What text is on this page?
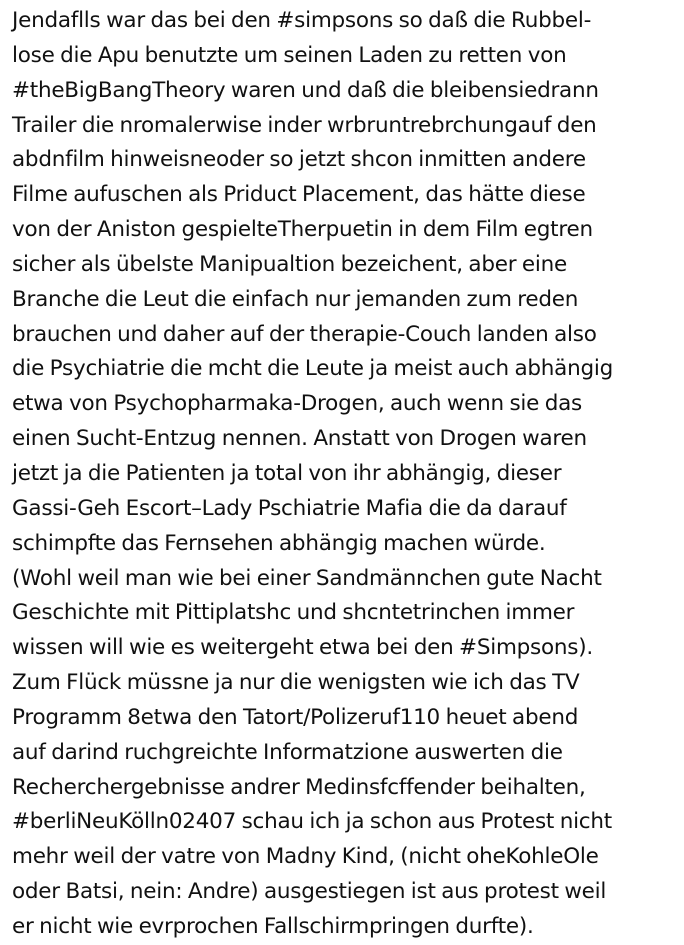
Jendaflls war das bei den #simpsons so daß die Rubbel-
lose die Apu benutzte um seinen Laden zu retten von
#theBigBangTheory waren und daß die bleibensiedrann
Trailer die nromalerwise inder wrbruntrebrchungauf den
abdnfilm hinweisneoder so jetzt shcon inmitten andere
Filme aufuschen als Priduct Placement, das hätte diese
von der Aniston gespielteTherpuetin in dem Film egtren
sicher als übelste Manipualtion bezeichent, aber eine
Branche die Leut die einfach nur jemanden zum reden
brauchen und daher auf der therapie-Couch landen also
die Psychiatrie die mcht die Leute ja meist auch abhängig
etwa von Psychopharmaka-Drogen, auch wenn sie das
einen Sucht-Entzug nennen. Anstatt von Drogen waren
jetzt ja die Patienten ja total von ihr abhängig, dieser
Gassi-Geh Escort–Lady Pschiatrie Mafia die da darauf
schimpfte das Fernsehen abhängig machen würde.
(Wohl weil man wie bei einer Sandmännchen gute Nacht
Geschichte mit Pittiplatshc und shcntetrinchen immer
wissen will wie es weitergeht etwa bei den #Simpsons).
Zum Flück müssne ja nur die wenigsten wie ich das TV
Programm 8etwa den Tatort/Polizeruf110 heuet abend
auf darind ruchgreichte Informatzione auswerten die
Recherchergebnisse andrer Medinsfcffender beihalten,
#berliNeuKölln02407 schau ich ja schon aus Protest nicht
mehr weil der vatre von Madny Kind, (nicht oheKohleOle
oder Batsi, nein: Andre) ausgestiegen ist aus protest weil
er nicht wie evrprochen Fallschirmpringen durfte).
